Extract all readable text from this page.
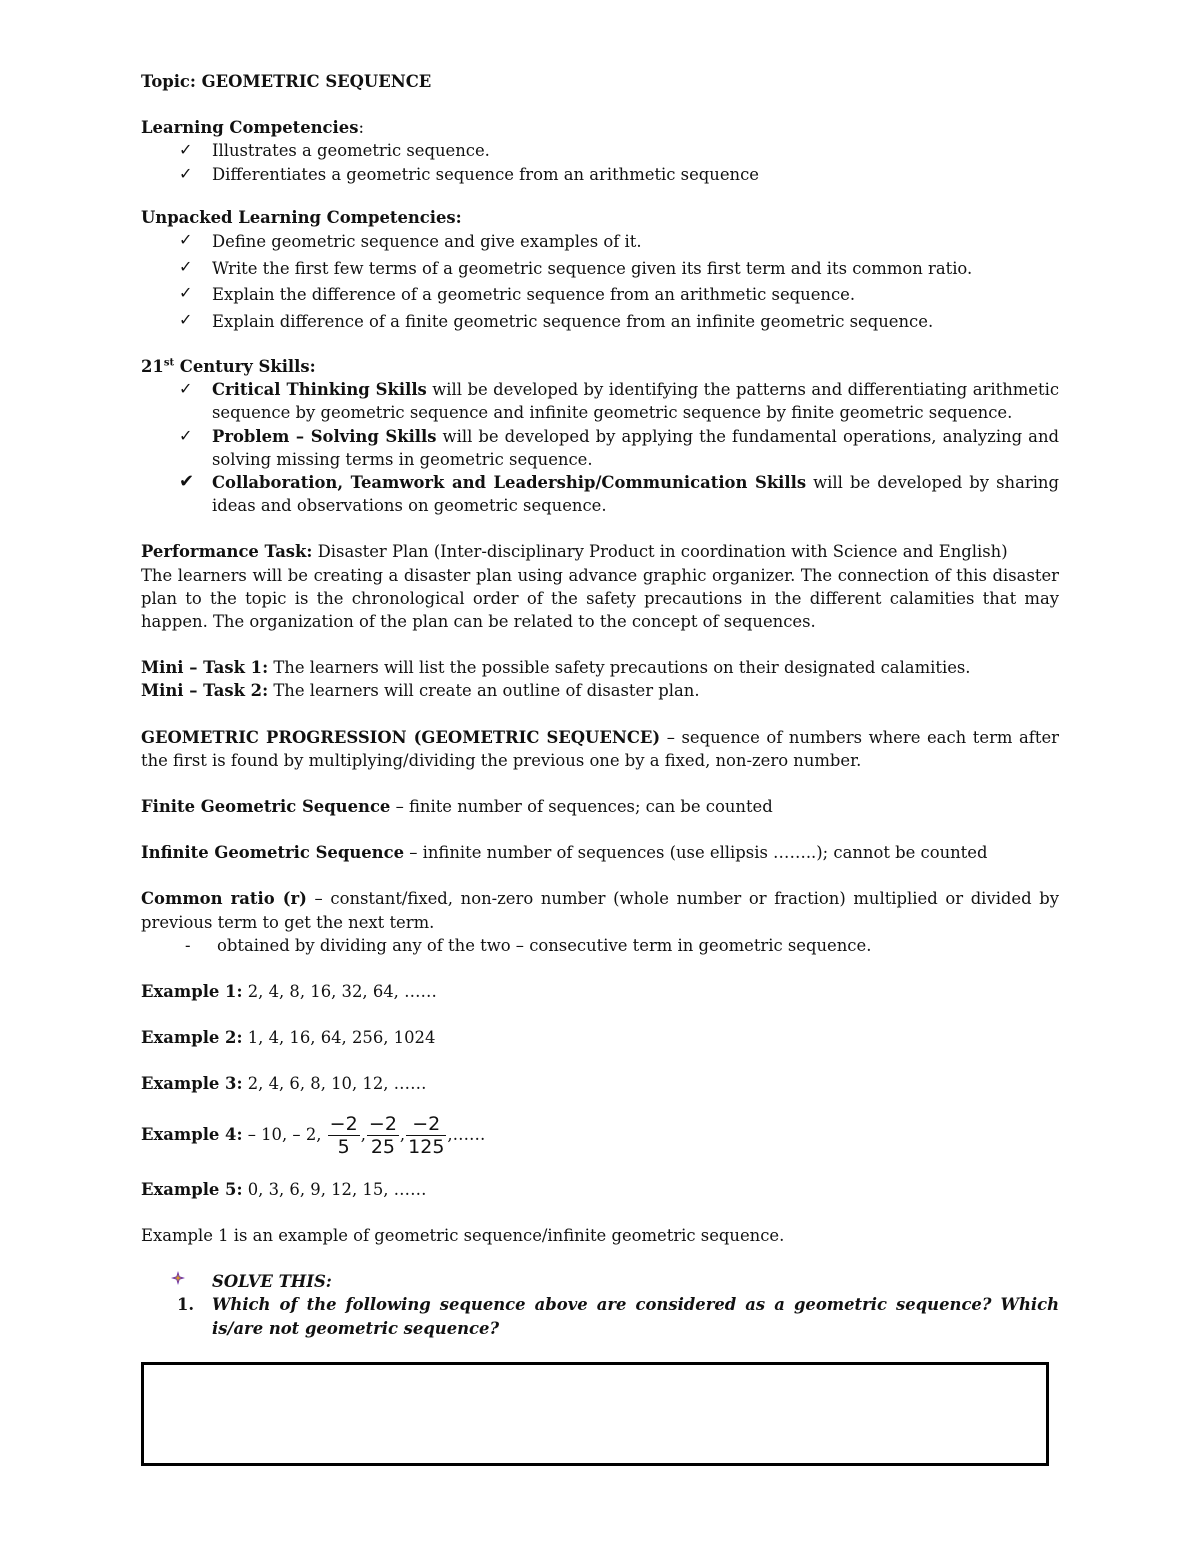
Topic: GEOMETRIC SEQUENCE

Learning Competencies:

✓ Illustrates a geometric sequence.
✓ Differentiates a geometric sequence from an arithmetic sequence

Unpacked Learning Competencies:

✓ Define geometric sequence and give examples of it.
✓ Write the first few terms of a geometric sequence given its first term and its common ratio.
✓ Explain the difference of a geometric sequence from an arithmetic sequence.
✓ Explain difference of a finite geometric sequence from an infinite geometric sequence.

21st Century Skills:

✓ Critical Thinking Skills will be developed by identifying the patterns and differentiating arithmetic sequence by geometric sequence and infinite geometric sequence by finite geometric sequence.
✓ Problem – Solving Skills will be developed by applying the fundamental operations, analyzing and solving missing terms in geometric sequence.
✔ Collaboration, Teamwork and Leadership/Communication Skills will be developed by sharing ideas and observations on geometric sequence.

Performance Task: Disaster Plan (Inter-disciplinary Product in coordination with Science and English)

The learners will be creating a disaster plan using advance graphic organizer. The connection of this disaster plan to the topic is the chronological order of the safety precautions in the different calamities that may happen. The organization of the plan can be related to the concept of sequences.

Mini – Task 1: The learners will list the possible safety precautions on their designated calamities.

Mini – Task 2: The learners will create an outline of disaster plan.

GEOMETRIC PROGRESSION (GEOMETRIC SEQUENCE) – sequence of numbers where each term after the first is found by multiplying/dividing the previous one by a fixed, non-zero number.

Finite Geometric Sequence – finite number of sequences; can be counted

Infinite Geometric Sequence – infinite number of sequences (use ellipsis ……..); cannot be counted

Common ratio (r) – constant/fixed, non-zero number (whole number or fraction) multiplied or divided by previous term to get the next term.

- obtained by dividing any of the two – consecutive term in geometric sequence.

Example 1: 2, 4, 8, 16, 32, 64, ……

Example 2: 1, 4, 16, 64, 256, 1024

Example 3: 2, 4, 6, 8, 10, 12, ……

Example 4: – 10, – 2, $\frac{-2}{5}$ , $\frac{-2}{25}$ , $\frac{-2}{125}$ ,……

Example 5: 0, 3, 6, 9, 12, 15, ……

Example 1 is an example of geometric sequence/infinite geometric sequence.

SOLVE THIS:

1. Which of the following sequence above are considered as a geometric sequence? Which is/are not geometric sequence?
